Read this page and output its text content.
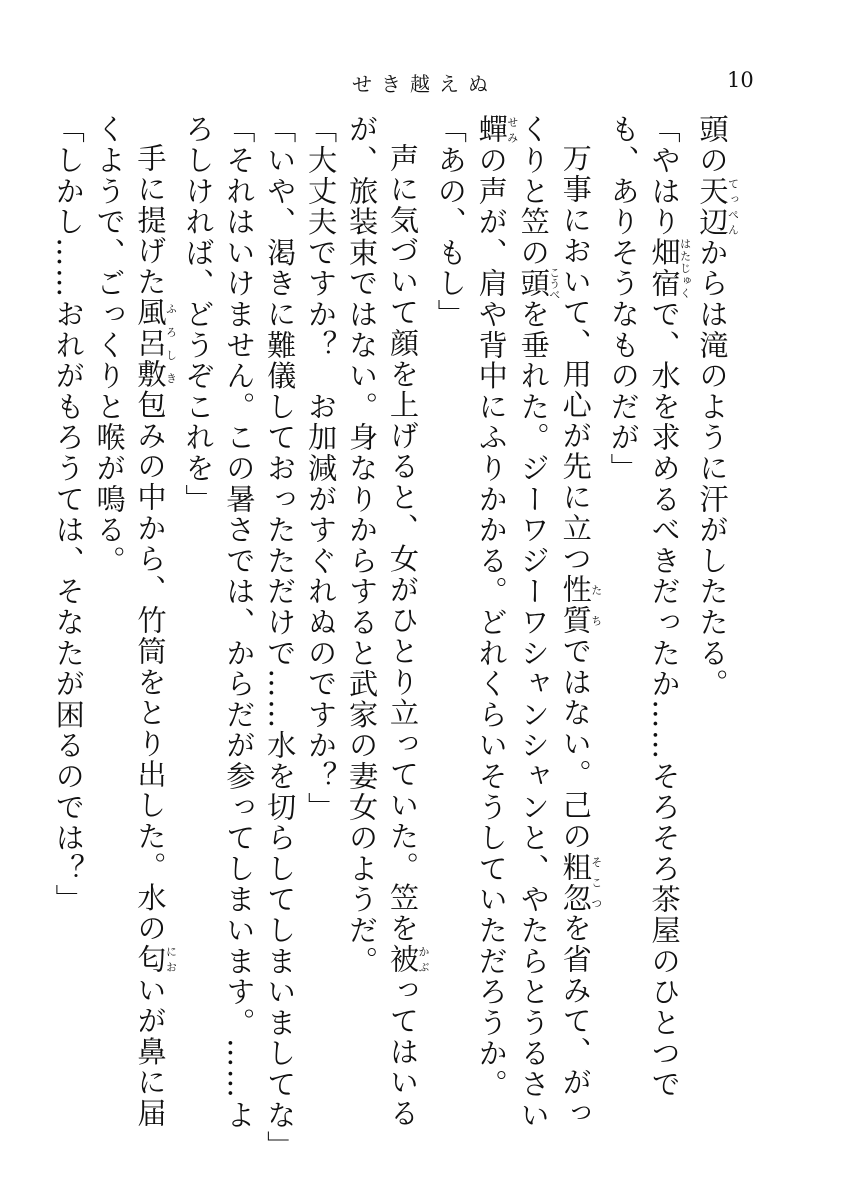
せき越えぬ	10

頭の天辺てっぺんからは滝のように汗がしたたる。

「やはり畑宿はたじゅくで、水を求めるべきだったか……そろそろ茶屋のひとつでも、ありそうなものだが」

万事において、用心が先に立つ性質たちではない。己の粗忽そこつを省みて、がっくりと笠の頭こうべを垂れた。ジーワジーワシャンシャンと、やたらとうるさい蟬せみの声が、肩や背中にふりかかる。どれくらいそうしていただろうか。

「あの、もし」

声に気づいて顔を上げると、女がひとり立っていた。笠を被かぶってはいるが、旅装束ではない。身なりからすると武家の妻女のようだ。

「大丈夫ですか？　お加減がすぐれぬのですか？」

「いや、渇きに難儀しておったただけで……水を切らしてしまいましてな」

「それはいけません。この暑さでは、からだが参ってしまいます。……よろしければ、どうぞこれを」

手に提げた風呂敷ふろしき包みの中から、竹筒をとり出した。水の匂においが鼻に届くようで、ごっくりと喉が鳴る。

「しかし……おれがもろうては、そなたが困るのでは？」
